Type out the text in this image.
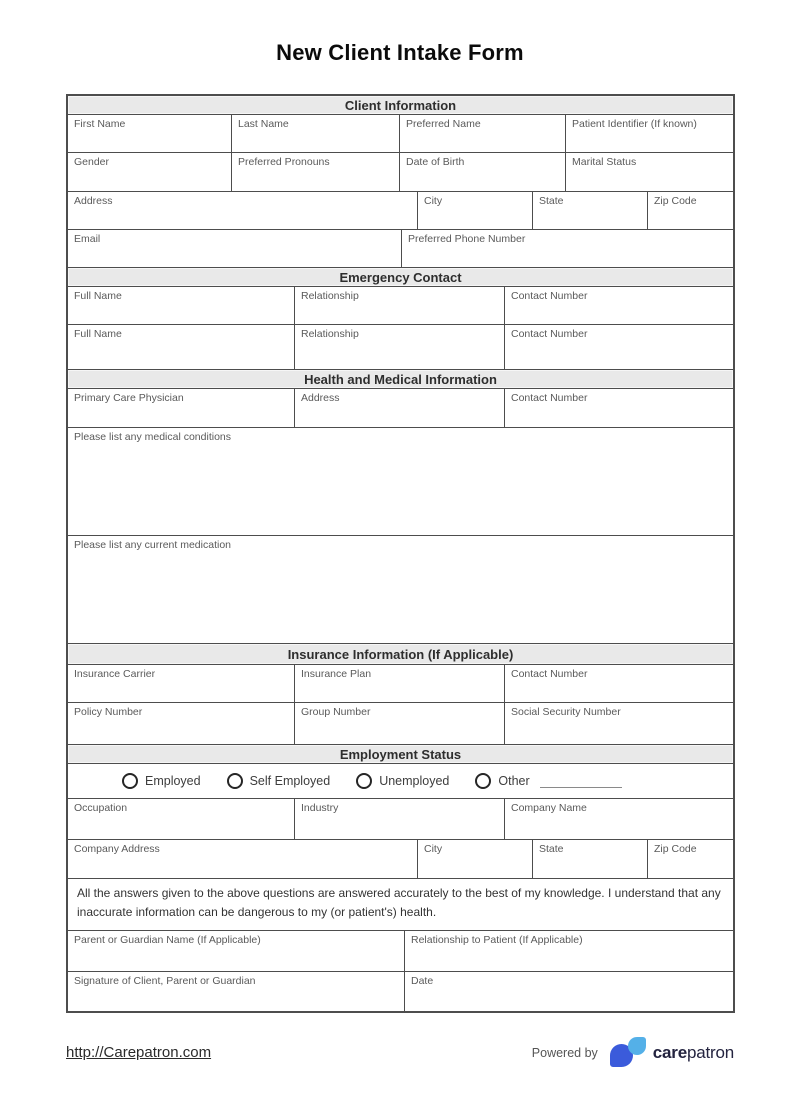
New Client Intake Form
Client Information
First Name	Last Name	Preferred Name	Patient Identifier (If known)
Gender	Preferred Pronouns	Date of Birth	Marital Status
Address	City	State	Zip Code
Email	Preferred Phone Number
Emergency Contact
Full Name	Relationship	Contact Number
Full Name	Relationship	Contact Number
Health and Medical Information
Primary Care Physician	Address	Contact Number
Please list any medical conditions
Please list any current medication
Insurance Information (If Applicable)
Insurance Carrier	Insurance Plan	Contact Number
Policy Number	Group Number	Social Security Number
Employment Status
Employed	Self Employed	Unemployed	Other
Occupation	Industry	Company Name
Company Address	City	State	Zip Code
All the answers given to the above questions are answered accurately to the best of my knowledge. I understand that any inaccurate information can be dangerous to my (or patient's) health.
Parent or Guardian Name (If Applicable)	Relationship to Patient (If Applicable)
Signature of Client, Parent or Guardian	Date
http://Carepatron.com	Powered by	carepatron
